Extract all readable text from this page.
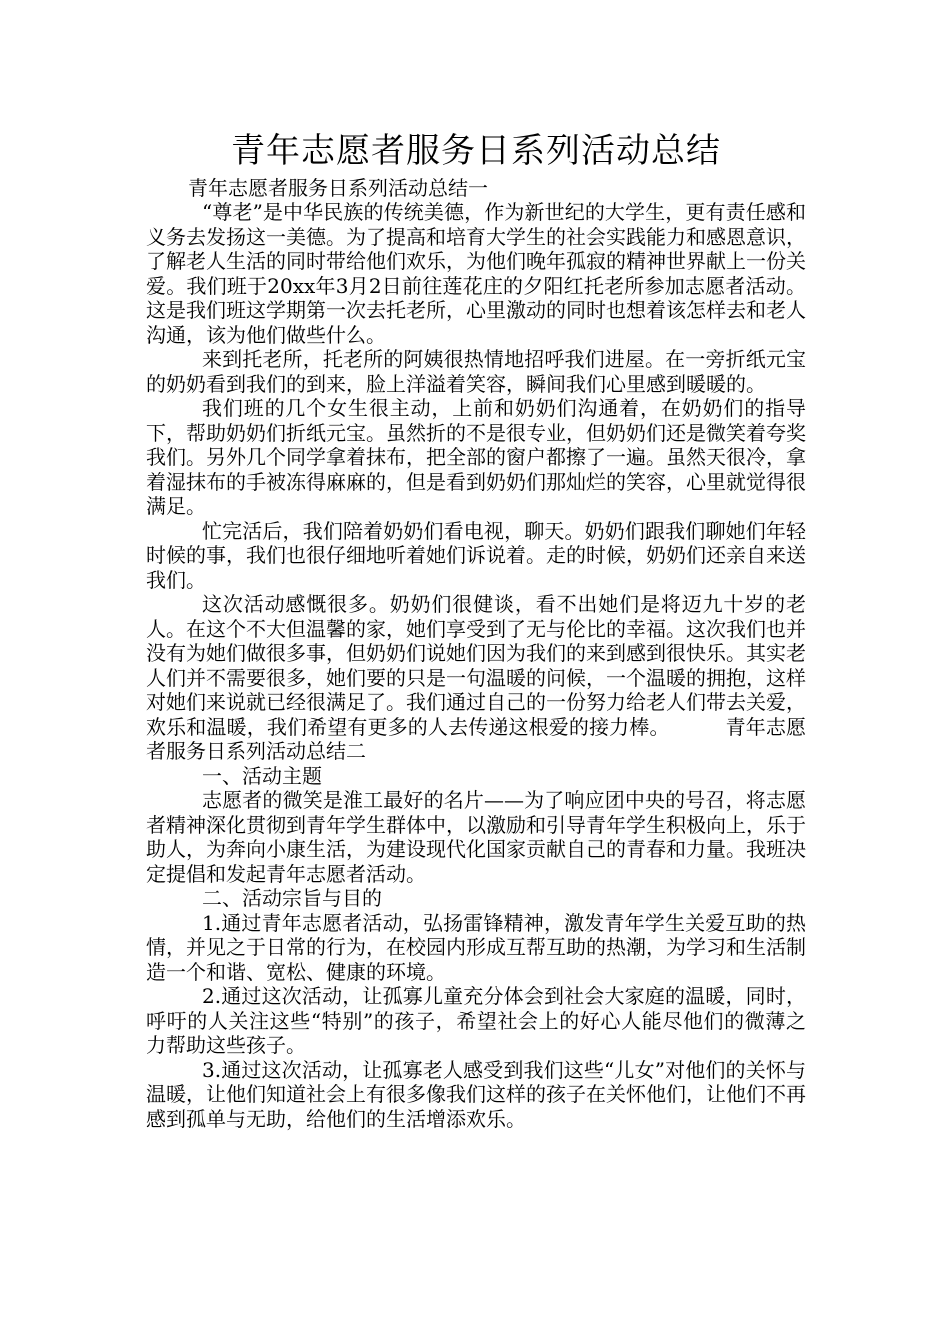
青年志愿者服务日系列活动总结
青年志愿者服务日系列活动总结一

“尊老”是中华民族的传统美德，作为新世纪的大学生，更有责任感和义务去发扬这一美德。为了提高和培育大学生的社会实践能力和感恩意识，了解老人生活的同时带给他们欢乐，为他们晚年孤寂的精神世界献上一份关爱。我们班于20xx年3月2日前往莲花庄的夕阳红托老所参加志愿者活动。这是我们班这学期第一次去托老所，心里激动的同时也想着该怎样去和老人沟通，该为他们做些什么。

来到托老所，托老所的阿姨很热情地招呼我们进屋。在一旁折纸元宝的奶奶看到我们的到来，脸上洋溢着笑容，瞬间我们心里感到暖暖的。

我们班的几个女生很主动，上前和奶奶们沟通着，在奶奶们的指导下，帮助奶奶们折纸元宝。虽然折的不是很专业，但奶奶们还是微笑着夸奖我们。另外几个同学拿着抹布，把全部的窗户都擦了一遍。虽然天很冷，拿着湿抹布的手被冻得麻麻的，但是看到奶奶们那灿烂的笑容，心里就觉得很满足。

忙完活后，我们陪着奶奶们看电视，聊天。奶奶们跟我们聊她们年轻时候的事，我们也很仔细地听着她们诉说着。走的时候，奶奶们还亲自来送我们。

这次活动感慨很多。奶奶们很健谈，看不出她们是将迈九十岁的老人。在这个不大但温馨的家，她们享受到了无与伦比的幸福。这次我们也并没有为她们做很多事，但奶奶们说她们因为我们的来到感到很快乐。其实老人们并不需要很多，她们要的只是一句温暖的问候，一个温暖的拥抱，这样对她们来说就已经很满足了。我们通过自己的一份努力给老人们带去关爱，欢乐和温暖，我们希望有更多的人去传递这根爱的接力棒。	青年志愿者服务日系列活动总结二

一、活动主题

志愿者的微笑是淮工最好的名片——为了响应团中央的号召，将志愿者精神深化贯彻到青年学生群体中，以激励和引导青年学生积极向上，乐于助人，为奔向小康生活，为建设现代化国家贡献自己的青春和力量。我班决定提倡和发起青年志愿者活动。

二、活动宗旨与目的

1.通过青年志愿者活动，弘扬雷锋精神，激发青年学生关爱互助的热情，并见之于日常的行为，在校园内形成互帮互助的热潮，为学习和生活制造一个和谐、宽松、健康的环境。

2.通过这次活动，让孤寡儿童充分体会到社会大家庭的温暖，同时，呼吁的人关注这些“特别”的孩子，希望社会上的好心人能尽他们的微薄之力帮助这些孩子。

3.通过这次活动，让孤寡老人感受到我们这些“儿女”对他们的关怀与温暖，让他们知道社会上有很多像我们这样的孩子在关怀他们，让他们不再感到孤单与无助，给他们的生活增添欢乐。
